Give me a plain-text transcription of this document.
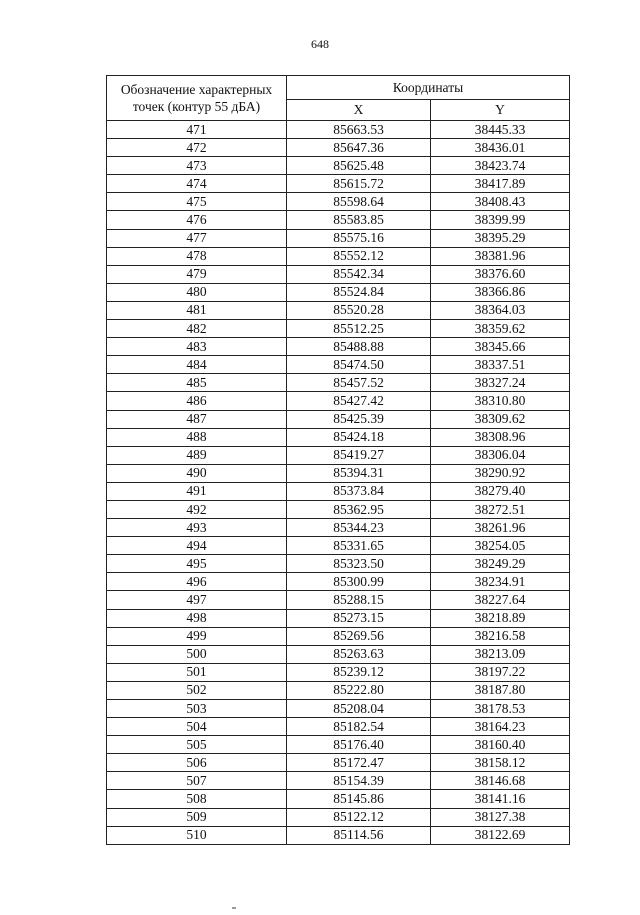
648
Обозначение характерных точек (контур 55 дБА)	Координаты	
	X	Y
471	85663.53	38445.33
472	85647.36	38436.01
473	85625.48	38423.74
474	85615.72	38417.89
475	85598.64	38408.43
476	85583.85	38399.99
477	85575.16	38395.29
478	85552.12	38381.96
479	85542.34	38376.60
480	85524.84	38366.86
481	85520.28	38364.03
482	85512.25	38359.62
483	85488.88	38345.66
484	85474.50	38337.51
485	85457.52	38327.24
486	85427.42	38310.80
487	85425.39	38309.62
488	85424.18	38308.96
489	85419.27	38306.04
490	85394.31	38290.92
491	85373.84	38279.40
492	85362.95	38272.51
493	85344.23	38261.96
494	85331.65	38254.05
495	85323.50	38249.29
496	85300.99	38234.91
497	85288.15	38227.64
498	85273.15	38218.89
499	85269.56	38216.58
500	85263.63	38213.09
501	85239.12	38197.22
502	85222.80	38187.80
503	85208.04	38178.53
504	85182.54	38164.23
505	85176.40	38160.40
506	85172.47	38158.12
507	85154.39	38146.68
508	85145.86	38141.16
509	85122.12	38127.38
510	85114.56	38122.69
